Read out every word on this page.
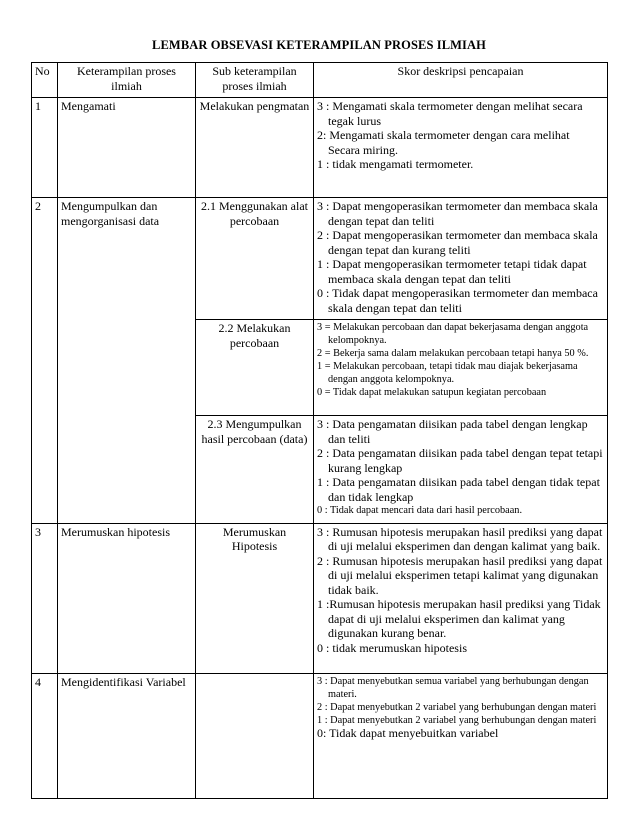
LEMBAR OBSEVASI KETERAMPILAN PROSES ILMIAH
No	Keterampilan proses ilmiah	Sub keterampilan proses ilmiah	Skor deskripsi pencapaian
1	Mengamati	Melakukan pengmatan	3 : Mengamati skala termometer dengan melihat secara tegak lurus
2: Mengamati skala termometer dengan cara melihat Secara miring.
1 : tidak mengamati termometer.

2	Mengumpulkan dan mengorganisasi data	2.1 Menggunakan alat percobaan	3 : Dapat mengoperasikan termometer dan membaca skala dengan tepat dan teliti
2 : Dapat mengoperasikan termometer dan membaca skala dengan tepat dan kurang teliti
1 : Dapat mengoperasikan termometer tetapi tidak dapat membaca skala dengan tepat dan teliti
0 : Tidak dapat mengoperasikan termometer dan membaca skala dengan tepat dan teliti

		2.2 Melakukan percobaan	3 = Melakukan percobaan dan dapat bekerjasama dengan anggota kelompoknya.
2 = Bekerja sama dalam melakukan percobaan tetapi hanya 50 %.
1 = Melakukan percobaan, tetapi tidak mau diajak bekerjasama dengan anggota kelompoknya.
0 = Tidak dapat melakukan satupun kegiatan percobaan

		2.3 Mengumpulkan hasil percobaan (data)	3 : Data pengamatan diisikan pada tabel dengan lengkap dan teliti
2 : Data pengamatan diisikan pada tabel dengan tepat tetapi kurang lengkap
1 : Data pengamatan diisikan pada tabel dengan tidak tepat dan tidak lengkap
0 : Tidak dapat mencari data dari hasil percobaan.

3	Merumuskan hipotesis	Merumuskan Hipotesis	3 : Rumusan hipotesis merupakan hasil prediksi yang dapat di uji melalui eksperimen dan dengan kalimat yang baik.
2 : Rumusan hipotesis merupakan hasil prediksi yang dapat di uji melalui eksperimen tetapi kalimat yang digunakan tidak baik.
1 :Rumusan hipotesis merupakan hasil prediksi yang Tidak dapat di uji melalui eksperimen dan kalimat yang digunakan kurang benar.
0 : tidak merumuskan hipotesis

4	Mengidentifikasi Variabel		3 : Dapat menyebutkan semua variabel yang berhubungan dengan materi.
2 : Dapat menyebutkan 2 variabel yang berhubungan dengan materi
1 : Dapat menyebutkan 2 variabel yang berhubungan dengan materi
0: Tidak dapat menyebuitkan variabel
